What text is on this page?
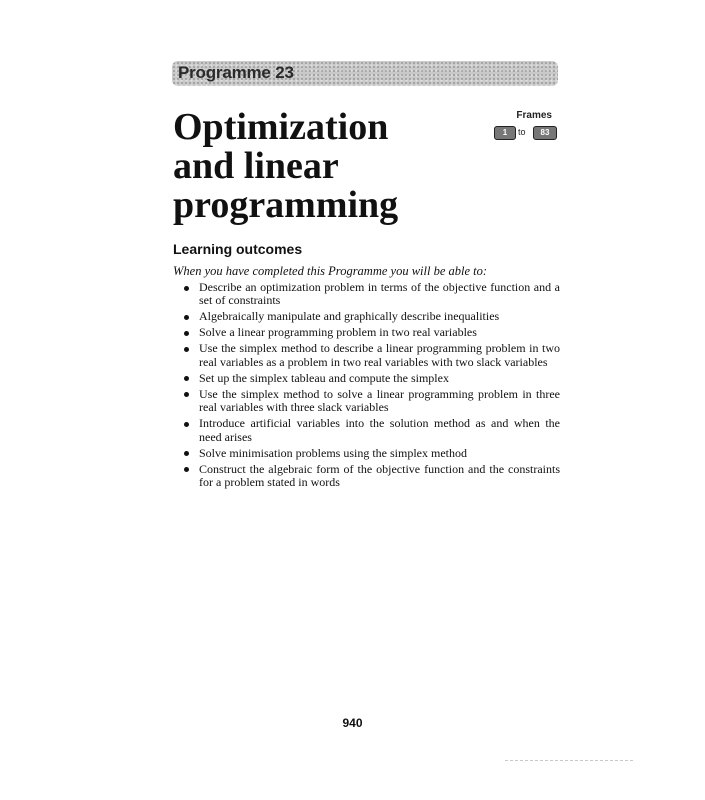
Programme 23
Optimization
and linear
programming
Frames
1	to	83
Learning outcomes
When you have completed this Programme you will be able to:
Describe an optimization problem in terms of the objective function and a set of constraints
Algebraically manipulate and graphically describe inequalities
Solve a linear programming problem in two real variables
Use the simplex method to describe a linear programming problem in two real variables as a problem in two real variables with two slack variables
Set up the simplex tableau and compute the simplex
Use the simplex method to solve a linear programming problem in three real variables with three slack variables
Introduce artificial variables into the solution method as and when the need arises
Solve minimisation problems using the simplex method
Construct the algebraic form of the objective function and the constraints for a problem stated in words
940
